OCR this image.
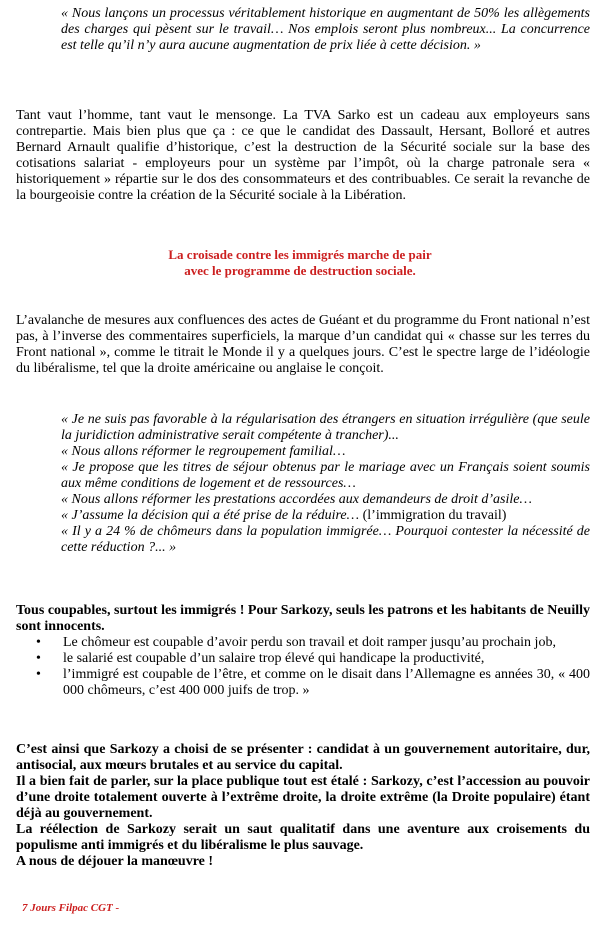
« Nous lançons un processus véritablement historique en augmentant de 50% les allègements des charges qui pèsent sur le travail… Nos emplois seront plus nombreux... La concurrence est telle qu’il n’y aura aucune augmentation de prix liée à cette décision. »

Tant vaut l’homme, tant vaut le mensonge. La TVA Sarko est un cadeau aux employeurs sans contrepartie. Mais bien plus que ça : ce que le candidat des Dassault, Hersant, Bolloré et autres Bernard Arnault qualifie d’historique, c’est la destruction de la Sécurité sociale sur la base des cotisations salariat - employeurs pour un système par l’impôt, où la charge patronale sera « historiquement » répartie sur le dos des consommateurs et des contribuables. Ce serait la revanche de la bourgeoisie contre la création de la Sécurité sociale à la Libération.

La croisade contre les immigrés marche de pair
avec le programme de destruction sociale.

L’avalanche de mesures aux confluences des actes de Guéant et du programme du Front national n’est pas, à l’inverse des commentaires superficiels, la marque d’un candidat qui « chasse sur les terres du Front national », comme le titrait le Monde il y a quelques jours. C’est le spectre large de l’idéologie du libéralisme, tel que la droite américaine ou anglaise le conçoit.

« Je ne suis pas favorable à la régularisation des étrangers en situation irrégulière (que seule la juridiction administrative serait compétente à trancher)...

« Nous allons réformer le regroupement familial…

« Je propose que les titres de séjour obtenus par le mariage avec un Français soient soumis aux même conditions de logement et de ressources…

« Nous allons réformer les prestations accordées aux demandeurs de droit d’asile…

« J’assume la décision qui a été prise de la réduire… (l’immigration du travail)

« Il y a 24 % de chômeurs dans la population immigrée… Pourquoi contester la nécessité de cette réduction ?... »

Tous coupables, surtout les immigrés ! Pour Sarkozy, seuls les patrons et les habitants de Neuilly sont innocents.

• Le chômeur est coupable d’avoir perdu son travail et doit ramper jusqu’au prochain job,
• le salarié est coupable d’un salaire trop élevé qui handicape la productivité,
• l’immigré est coupable de l’être, et comme on le disait dans l’Allemagne es années 30, « 400 000 chômeurs, c’est 400 000 juifs de trop. »

C’est ainsi que Sarkozy a choisi de se présenter : candidat à un gouvernement autoritaire, dur, antisocial, aux mœurs brutales et au service du capital.

Il a bien fait de parler, sur la place publique tout est étalé : Sarkozy, c’est l’accession au pouvoir d’une droite totalement ouverte à l’extrême droite, la droite extrême (la Droite populaire) étant déjà au gouvernement.

La réélection de Sarkozy serait un saut qualitatif dans une aventure aux croisements du populisme anti immigrés et du libéralisme le plus sauvage.

A nous de déjouer la manœuvre !

7 Jours Filpac CGT -
